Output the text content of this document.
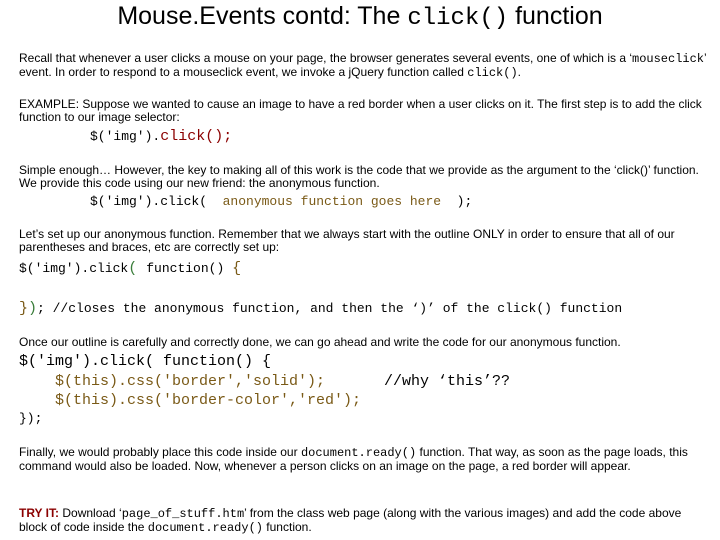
Mouse.Events contd: The click() function
Recall that whenever a user clicks a mouse on your page, the browser generates several events, one of which is a ‘mouseclick’ event. In order to respond to a mouseclick event, we invoke a jQuery function called click().
EXAMPLE: Suppose we wanted to cause an image to have a red border when a user clicks on it. The first step is to add the click function to our image selector:
$('img').click();
Simple enough… However, the key to making all of this work is the code that we provide as the argument to the ‘click()’ function. We provide this code using our new friend: the anonymous function.
$('img').click(  anonymous function goes here  );
Let’s set up our anonymous function. Remember that we always start with the outline ONLY in order to ensure that all of our parentheses and braces, etc are correctly set up:
$('img').click( function() {
}); //closes the anonymous function, and then the ‘)’ of the click() function
Once our outline is carefully and correctly done, we can go ahead and write the code for our anonymous function.
$('img').click( function() {
$(this).css('border','solid');	//why ‘this’??
$(this).css('border-color','red');
});
Finally, we would probably place this code inside our document.ready() function. That way, as soon as the page loads, this command would also be loaded. Now, whenever a person clicks on an image on the page, a red border will appear.
TRY IT: Download ‘page_of_stuff.htm’ from the class web page (along with the various images) and add the code above block of code inside the document.ready() function.
